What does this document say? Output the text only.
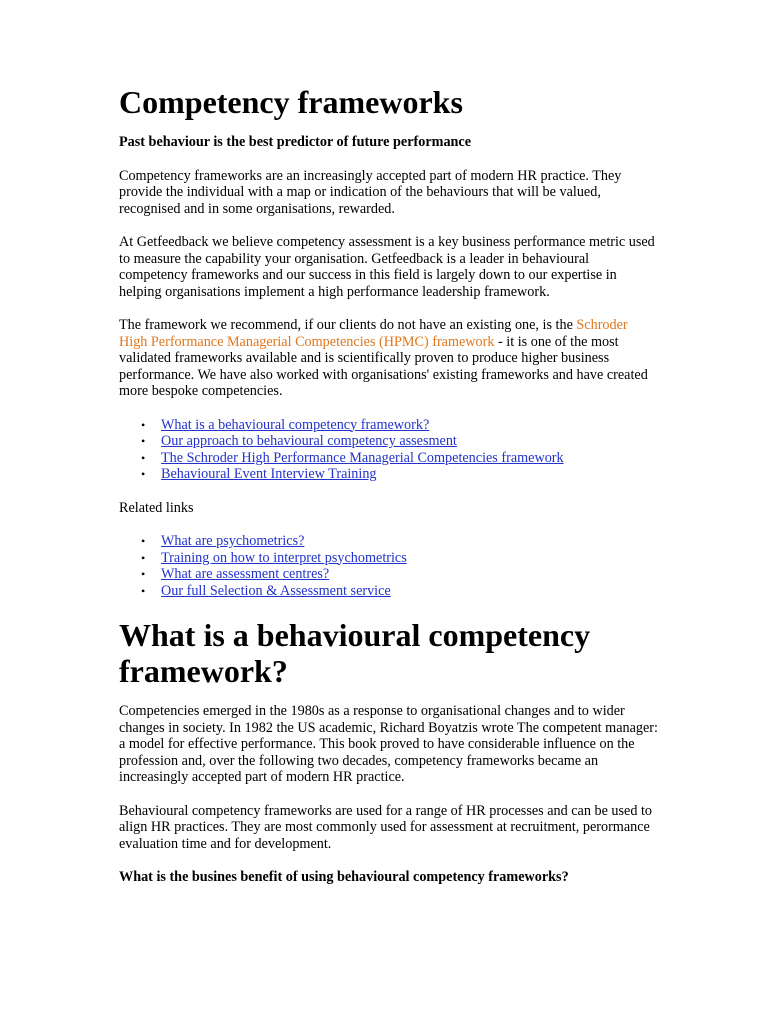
Competency frameworks

Past behaviour is the best predictor of future performance

Competency frameworks are an increasingly accepted part of modern HR practice. They provide the individual with a map or indication of the behaviours that will be valued, recognised and in some organisations, rewarded.

At Getfeedback we believe competency assessment is a key business performance metric used to measure the capability your organisation. Getfeedback is a leader in behavioural competency frameworks and our success in this field is largely down to our expertise in helping organisations implement a high performance leadership framework.

The framework we recommend, if our clients do not have an existing one, is the Schroder High Performance Managerial Competencies (HPMC) framework - it is one of the most validated frameworks available and is scientifically proven to produce higher business performance. We have also worked with organisations' existing frameworks and have created more bespoke competencies.

• What is a behavioural competency framework?
• Our approach to behavioural competency assesment
• The Schroder High Performance Managerial Competencies framework
• Behavioural Event Interview Training

Related links

• What are psychometrics?
• Training on how to interpret psychometrics
• What are assessment centres?
• Our full Selection & Assessment service
What is a behavioural competency framework?

Competencies emerged in the 1980s as a response to organisational changes and to wider changes in society. In 1982 the US academic, Richard Boyatzis wrote The competent manager: a model for effective performance. This book proved to have considerable influence on the profession and, over the following two decades, competency frameworks became an increasingly accepted part of modern HR practice.

Behavioural competency frameworks are used for a range of HR processes and can be used to align HR practices. They are most commonly used for assessment at recruitment, perormance evaluation time and for development.

What is the busines benefit of using behavioural competency frameworks?
